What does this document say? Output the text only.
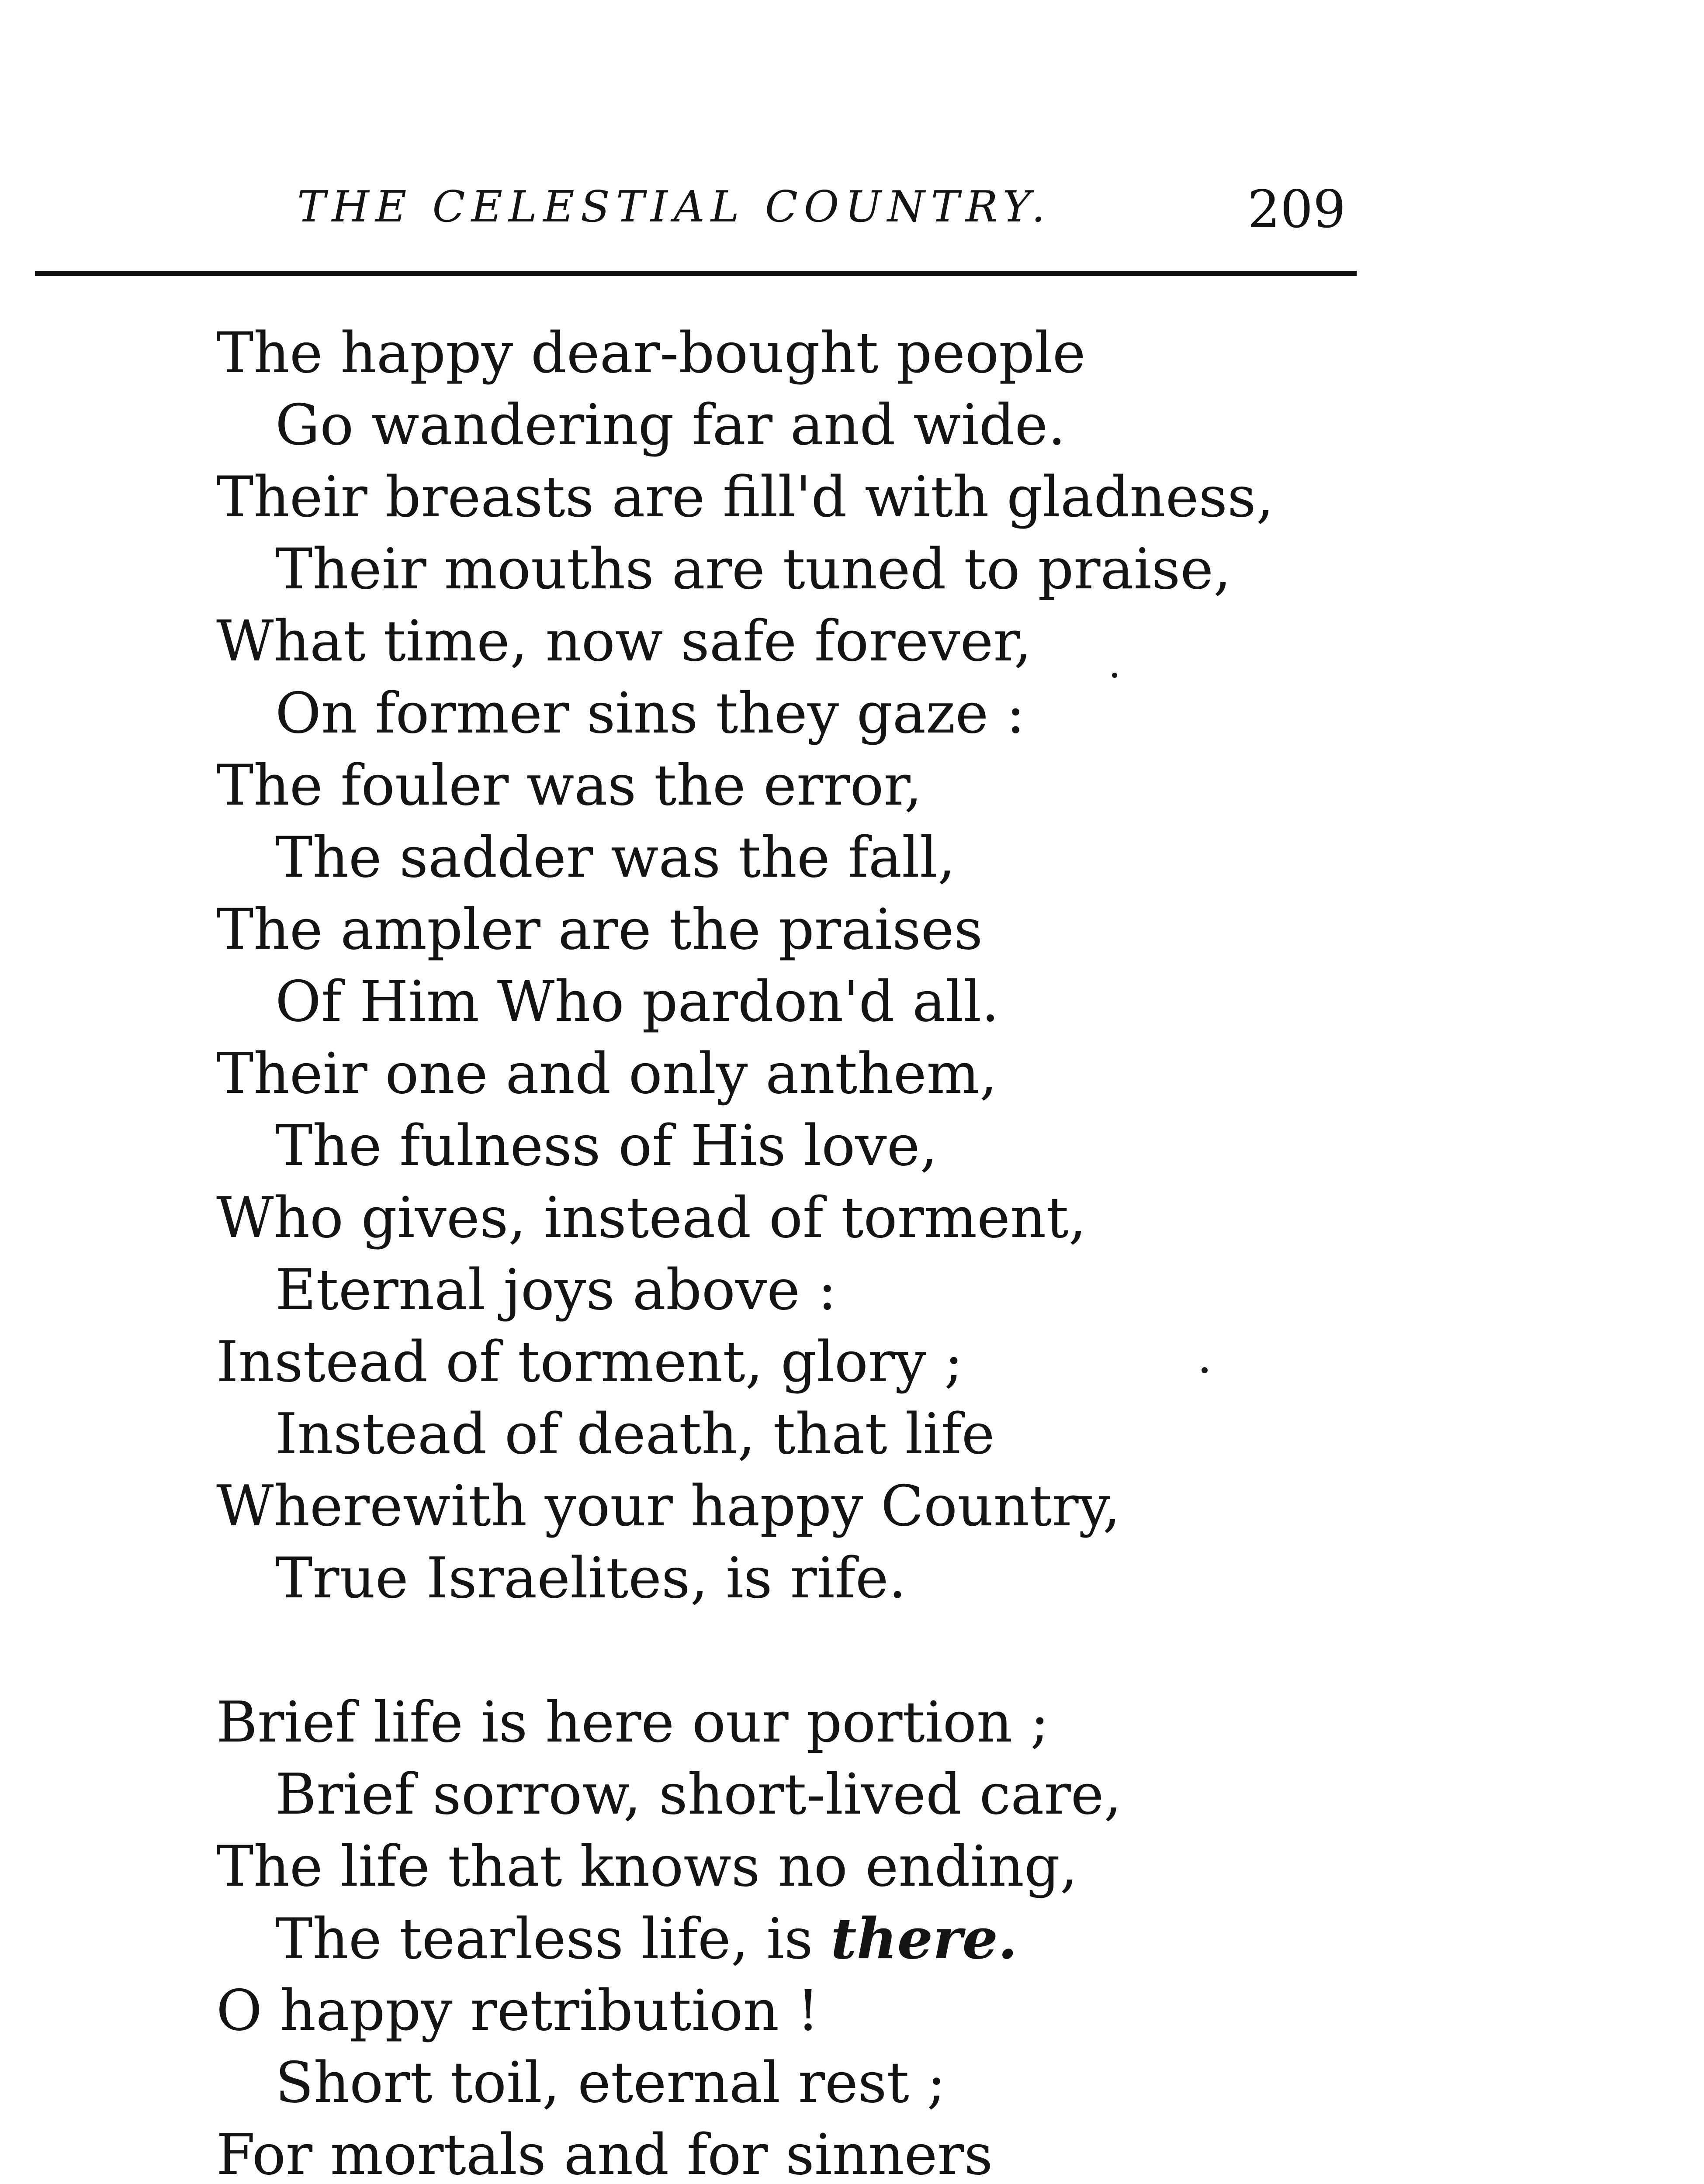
THE CELESTIAL COUNTRY.	209
The happy dear-bought people
Go wandering far and wide.
Their breasts are fill'd with gladness,
Their mouths are tuned to praise,
What time, now safe forever,
On former sins they gaze :
The fouler was the error,
The sadder was the fall,
The ampler are the praises
Of Him Who pardon'd all.
Their one and only anthem,
The fulness of His love,
Who gives, instead of torment,
Eternal joys above :
Instead of torment, glory ;
Instead of death, that life
Wherewith your happy Country,
True Israelites, is rife.
Brief life is here our portion ;
Brief sorrow, short-lived care,
The life that knows no ending,
The tearless life, is there.
O happy retribution !
Short toil, eternal rest ;
For mortals and for sinners
